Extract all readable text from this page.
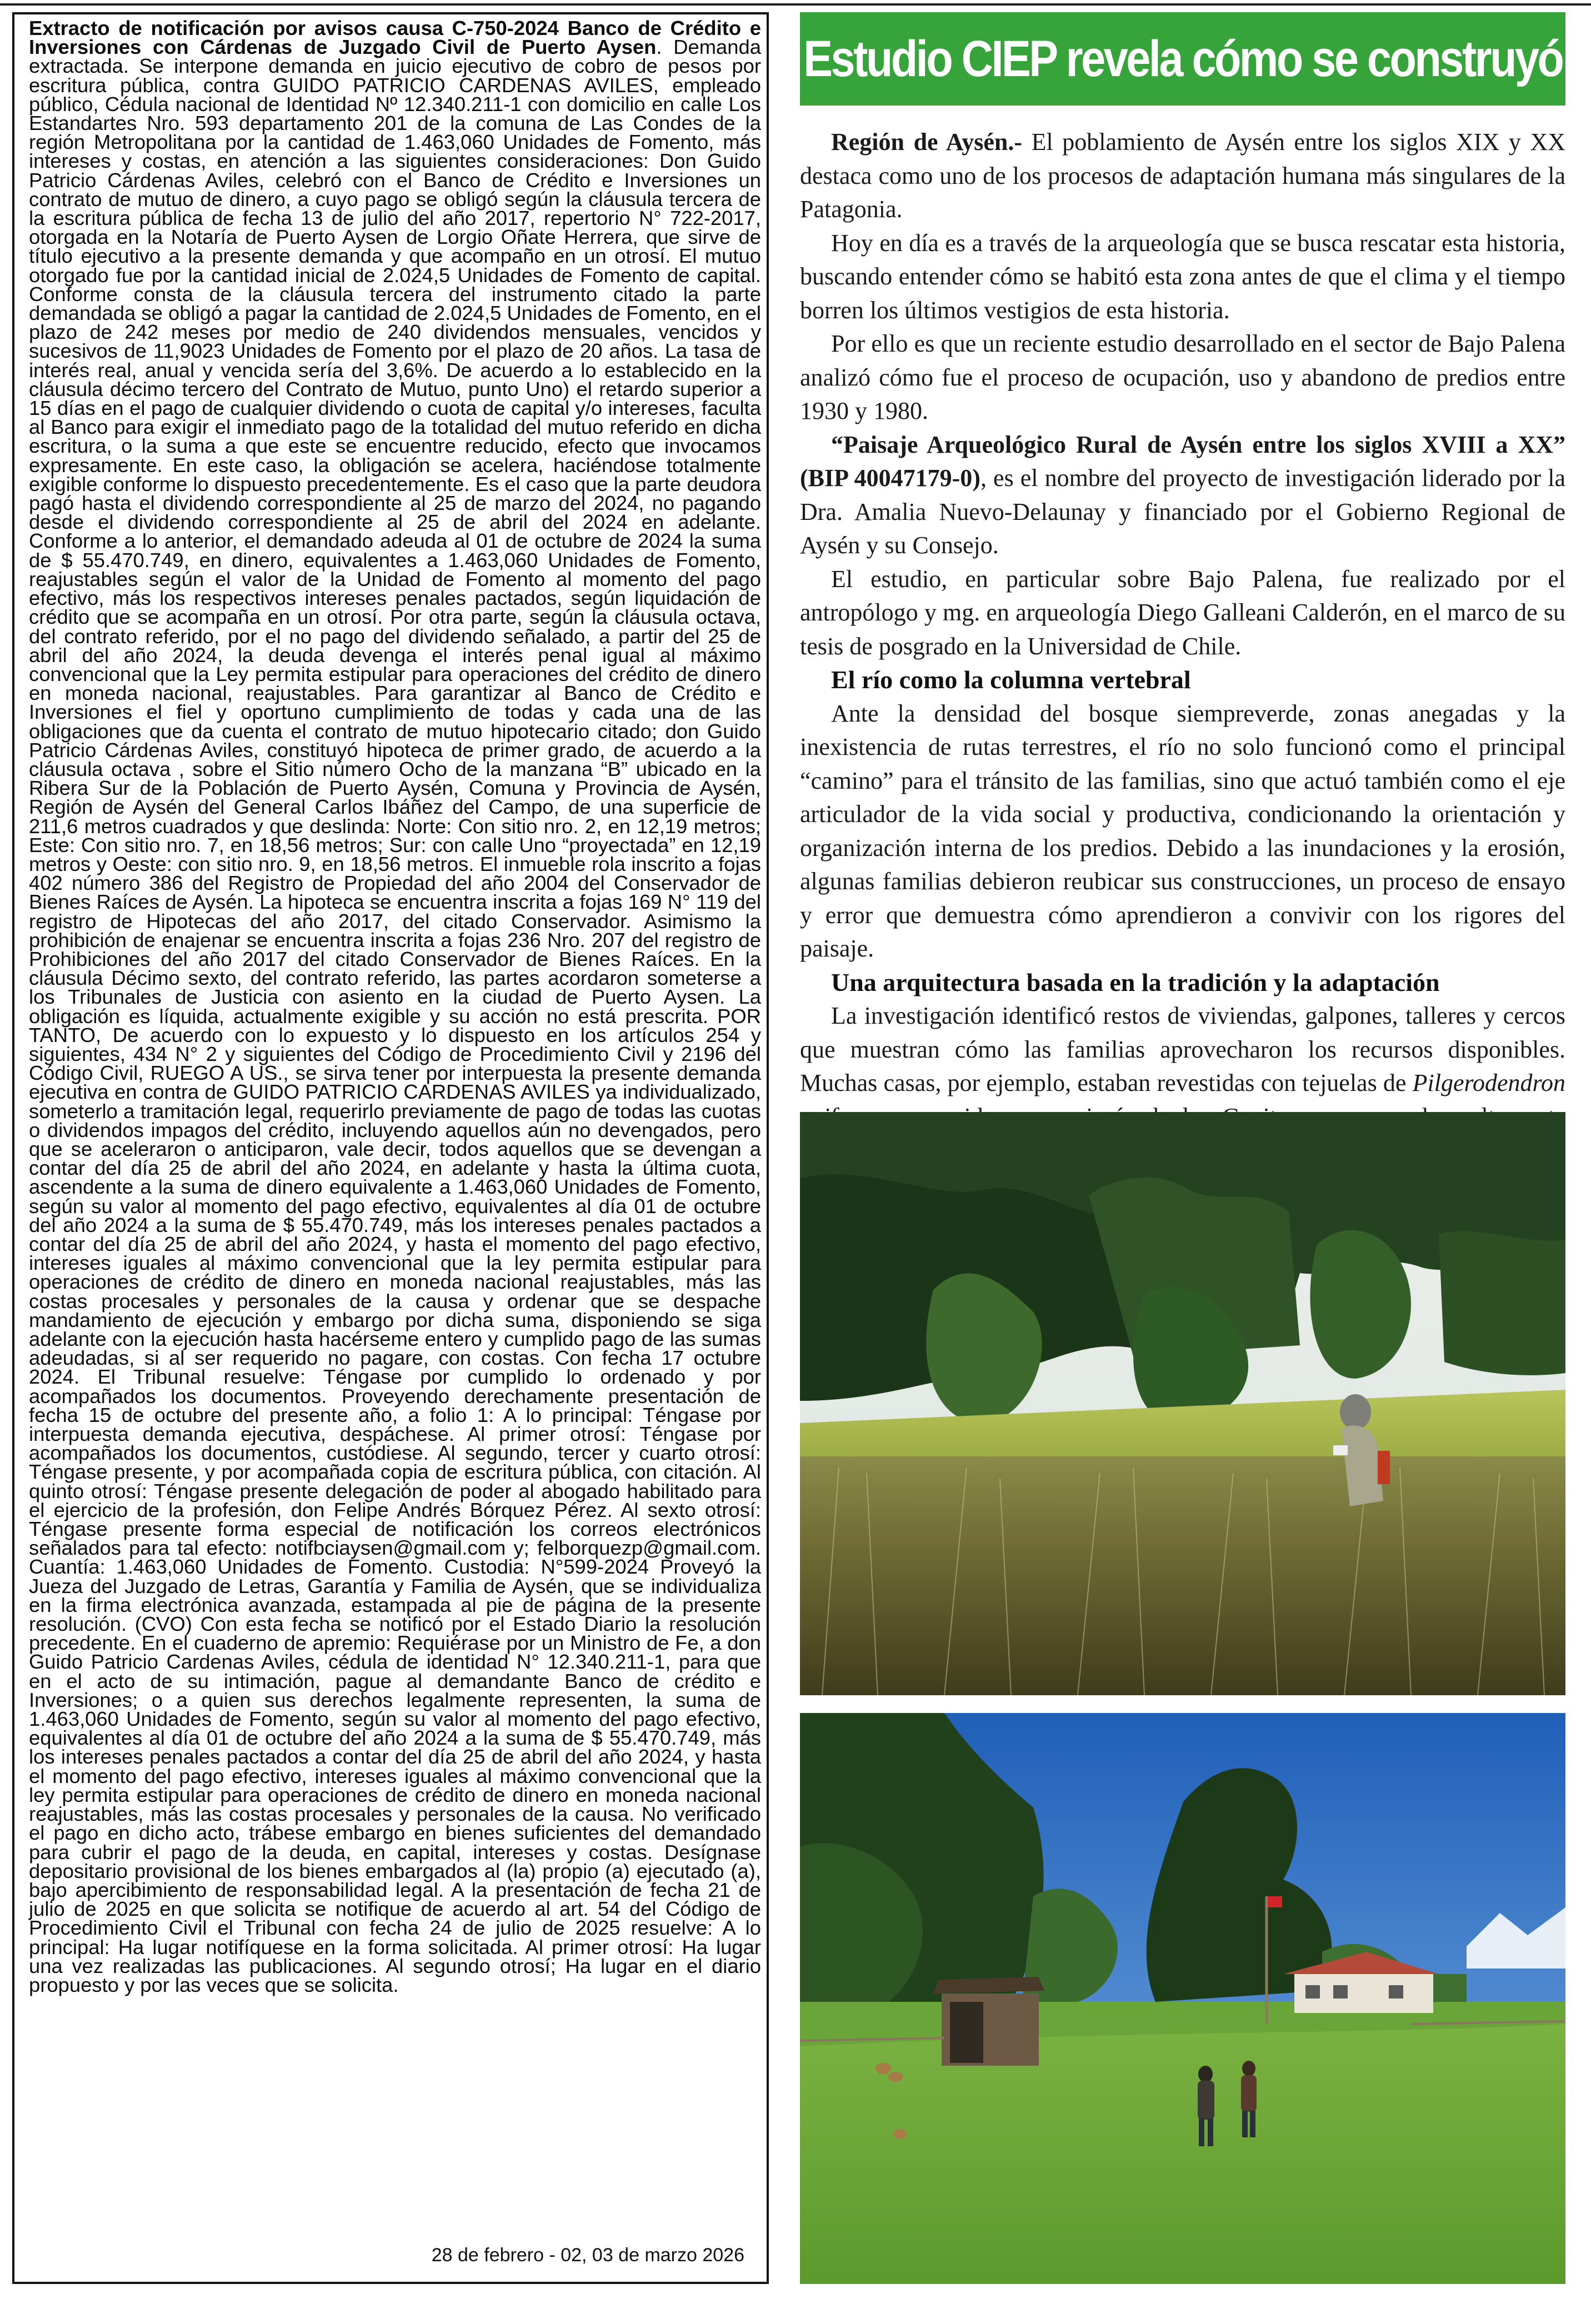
Extracto de notificación por avisos causa C-750-2024 Banco de Crédito e Inversiones con Cárdenas de Juzgado Civil de Puerto Aysen. Demanda extractada. Se interpone demanda en juicio ejecutivo de cobro de pesos por escritura pública, contra GUIDO PATRICIO CARDENAS AVILES, empleado público, Cédula nacional de Identidad Nº 12.340.211-1 con domicilio en calle Los Estandartes Nro. 593 departamento 201 de la comuna de Las Condes de la región Metropolitana por la cantidad de 1.463,060 Unidades de Fomento, más intereses y costas, en atención a las siguientes consideraciones: Don Guido Patricio Cárdenas Aviles, celebró con el Banco de Crédito e Inversiones un contrato de mutuo de dinero, a cuyo pago se obligó según la cláusula tercera de la escritura pública de fecha 13 de julio del año 2017, repertorio N° 722-2017, otorgada en la Notaría de Puerto Aysen de Lorgio Oñate Herrera, que sirve de título ejecutivo a la presente demanda y que acompaño en un otrosí. El mutuo otorgado fue por la cantidad inicial de 2.024,5 Unidades de Fomento de capital. Conforme consta de la cláusula tercera del instrumento citado la parte demandada se obligó a pagar la cantidad de 2.024,5 Unidades de Fomento, en el plazo de 242 meses por medio de 240 dividendos mensuales, vencidos y sucesivos de 11,9023 Unidades de Fomento por el plazo de 20 años. La tasa de interés real, anual y vencida sería del 3,6%. De acuerdo a lo establecido en la cláusula décimo tercero del Contrato de Mutuo, punto Uno) el retardo superior a 15 días en el pago de cualquier dividendo o cuota de capital y/o intereses, faculta al Banco para exigir el inmediato pago de la totalidad del mutuo referido en dicha escritura, o la suma a que este se encuentre reducido, efecto que invocamos expresamente. En este caso, la obligación se acelera, haciéndose totalmente exigible conforme lo dispuesto precedentemente. Es el caso que la parte deudora pagó hasta el dividendo correspondiente al 25 de marzo del 2024, no pagando desde el dividendo correspondiente al 25 de abril del 2024 en adelante. Conforme a lo anterior, el demandado adeuda al 01 de octubre de 2024 la suma de $ 55.470.749, en dinero, equivalentes a 1.463,060 Unidades de Fomento, reajustables según el valor de la Unidad de Fomento al momento del pago efectivo, más los respectivos intereses penales pactados, según liquidación de crédito que se acompaña en un otrosí. Por otra parte, según la cláusula octava, del contrato referido, por el no pago del dividendo señalado, a partir del 25 de abril del año 2024, la deuda devenga el interés penal igual al máximo convencional que la Ley permita estipular para operaciones del crédito de dinero en moneda nacional, reajustables. Para garantizar al Banco de Crédito e Inversiones el fiel y oportuno cumplimiento de todas y cada una de las obligaciones que da cuenta el contrato de mutuo hipotecario citado; don Guido Patricio Cárdenas Aviles, constituyó hipoteca de primer grado, de acuerdo a la cláusula octava , sobre el Sitio número Ocho de la manzana “B” ubicado en la Ribera Sur de la Población de Puerto Aysén, Comuna y Provincia de Aysén, Región de Aysén del General Carlos Ibáñez del Campo, de una superficie de 211,6 metros cuadrados y que deslinda: Norte: Con sitio nro. 2, en 12,19 metros; Este: Con sitio nro. 7, en 18,56 metros; Sur: con calle Uno “proyectada” en 12,19 metros y Oeste: con sitio nro. 9, en 18,56 metros. El inmueble rola inscrito a fojas 402 número 386 del Registro de Propiedad del año 2004 del Conservador de Bienes Raíces de Aysén. La hipoteca se encuentra inscrita a fojas 169 N° 119 del registro de Hipotecas del año 2017, del citado Conservador. Asimismo la prohibición de enajenar se encuentra inscrita a fojas 236 Nro. 207 del registro de Prohibiciones del año 2017 del citado Conservador de Bienes Raíces. En la cláusula Décimo sexto, del contrato referido, las partes acordaron someterse a los Tribunales de Justicia con asiento en la ciudad de Puerto Aysen. La obligación es líquida, actualmente exigible y su acción no está prescrita. POR TANTO, De acuerdo con lo expuesto y lo dispuesto en los artículos 254 y siguientes, 434 N° 2 y siguientes del Código de Procedimiento Civil y 2196 del Código Civil, RUEGO A US., se sirva tener por interpuesta la presente demanda ejecutiva en contra de GUIDO PATRICIO CARDENAS AVILES ya individualizado, someterlo a tramitación legal, requerirlo previamente de pago de todas las cuotas o dividendos impagos del crédito, incluyendo aquellos aún no devengados, pero que se aceleraron o anticiparon, vale decir, todos aquellos que se devengan a contar del día 25 de abril del año 2024, en adelante y hasta la última cuota, ascendente a la suma de dinero equivalente a 1.463,060 Unidades de Fomento, según su valor al momento del pago efectivo, equivalentes al día 01 de octubre del año 2024 a la suma de $ 55.470.749, más los intereses penales pactados a contar del día 25 de abril del año 2024, y hasta el momento del pago efectivo, intereses iguales al máximo convencional que la ley permita estipular para operaciones de crédito de dinero en moneda nacional reajustables, más las costas procesales y personales de la causa y ordenar que se despache mandamiento de ejecución y embargo por dicha suma, disponiendo se siga adelante con la ejecución hasta hacérseme entero y cumplido pago de las sumas adeudadas, si al ser requerido no pagare, con costas. Con fecha 17 octubre 2024. El Tribunal resuelve: Téngase por cumplido lo ordenado y por acompañados los documentos. Proveyendo derechamente presentación de fecha 15 de octubre del presente año, a folio 1: A lo principal: Téngase por interpuesta demanda ejecutiva, despáchese. Al primer otrosí: Téngase por acompañados los documentos, custódiese. Al segundo, tercer y cuarto otrosí: Téngase presente, y por acompañada copia de escritura pública, con citación. Al quinto otrosí: Téngase presente delegación de poder al abogado habilitado para el ejercicio de la profesión, don Felipe Andrés Bórquez Pérez. Al sexto otrosí: Téngase presente forma especial de notificación los correos electrónicos señalados para tal efecto: notifbciaysen@gmail.com y; felborquezp@gmail.com. Cuantía: 1.463,060 Unidades de Fomento. Custodia: N°599-2024 Proveyó la Jueza del Juzgado de Letras, Garantía y Familia de Aysén, que se individualiza en la firma electrónica avanzada, estampada al pie de página de la presente resolución. (CVO) Con esta fecha se notificó por el Estado Diario la resolución precedente. En el cuaderno de apremio: Requiérase por un Ministro de Fe, a don Guido Patricio Cardenas Aviles, cédula de identidad N° 12.340.211-1, para que en el acto de su intimación, pague al demandante Banco de crédito e Inversiones; o a quien sus derechos legalmente representen, la suma de 1.463,060 Unidades de Fomento, según su valor al momento del pago efectivo, equivalentes al día 01 de octubre del año 2024 a la suma de $ 55.470.749, más los intereses penales pactados a contar del día 25 de abril del año 2024, y hasta el momento del pago efectivo, intereses iguales al máximo convencional que la ley permita estipular para operaciones de crédito de dinero en moneda nacional reajustables, más las costas procesales y personales de la causa. No verificado el pago en dicho acto, trábese embargo en bienes suficientes del demandado para cubrir el pago de la deuda, en capital, intereses y costas. Desígnase depositario provisional de los bienes embargados al (la) propio (a) ejecutado (a), bajo apercibimiento de responsabilidad legal. A la presentación de fecha 21 de julio de 2025 en que solicita se notifique de acuerdo al art. 54 del Código de Procedimiento Civil el Tribunal con fecha 24 de julio de 2025 resuelve: A lo principal: Ha lugar notifíquese en la forma solicitada. Al primer otrosí: Ha lugar una vez realizadas las publicaciones. Al segundo otrosí; Ha lugar en el diario propuesto y por las veces que se solicita.

28 de febrero - 02, 03 de marzo 2026
Estudio CIEP revela cómo se construyó

Región de Aysén.- El poblamiento de Aysén entre los siglos XIX y XX destaca como uno de los procesos de adaptación humana más singulares de la Patagonia.

Hoy en día es a través de la arqueología que se busca rescatar esta historia, buscando entender cómo se habitó esta zona antes de que el clima y el tiempo borren los últimos vestigios de esta historia.

Por ello es que un reciente estudio desarrollado en el sector de Bajo Palena analizó cómo fue el proceso de ocupación, uso y abandono de predios entre 1930 y 1980.

“Paisaje Arqueológico Rural de Aysén entre los siglos XVIII a XX” (BIP 40047179-0), es el nombre del proyecto de investigación liderado por la Dra. Amalia Nuevo-Delaunay y financiado por el Gobierno Regional de Aysén y su Consejo.

El estudio, en particular sobre Bajo Palena, fue realizado por el antropólogo y mg. en arqueología Diego Galleani Calderón, en el marco de su tesis de posgrado en la Universidad de Chile.

El río como la columna vertebral

Ante la densidad del bosque siempreverde, zonas anegadas y la inexistencia de rutas terrestres, el río no solo funcionó como el principal “camino” para el tránsito de las familias, sino que actuó también como el eje articulador de la vida social y productiva, condicionando la orientación y organización interna de los predios. Debido a las inundaciones y la erosión, algunas familias debieron reubicar sus construcciones, un proceso de ensayo y error que demuestra cómo aprendieron a convivir con los rigores del paisaje.

Una arquitectura basada en la tradición y la adaptación

La investigación identificó restos de viviendas, galpones, talleres y cercos que muestran cómo las familias aprovecharon los recursos disponibles. Muchas casas, por ejemplo, estaban revestidas con tejuelas de Pilgerodendron
